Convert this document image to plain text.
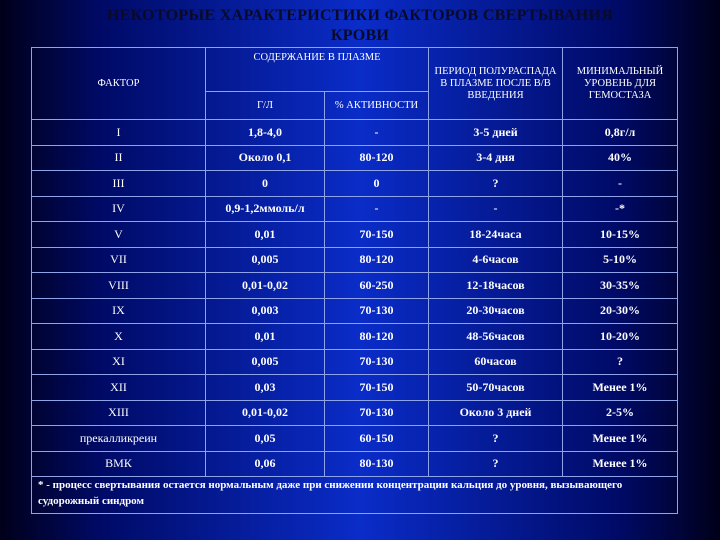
НЕКОТОРЫЕ ХАРАКТЕРИСТИКИ ФАКТОРОВ СВЕРТЫВАНИЯ
КРОВИ
ФАКТОР	СОДЕРЖАНИЕ В ПЛАЗМЕ		ПЕРИОД ПОЛУРАСПАДА В ПЛАЗМЕ ПОСЛЕ В/В ВВЕДЕНИЯ	МИНИМАЛЬНЫЙ УРОВЕНЬ ДЛЯ ГЕМОСТАЗА
	Г/Л	% АКТИВНОСТИ		
I	1,8-4,0	-	3-5 дней	0,8г/л
II	Около 0,1	80-120	3-4 дня	40%
III	0	0	?	-
IV	0,9-1,2ммоль/л	-	-	-*
V	0,01	70-150	18-24часа	10-15%
VII	0,005	80-120	4-6часов	5-10%
VIII	0,01-0,02	60-250	12-18часов	30-35%
IX	0,003	70-130	20-30часов	20-30%
X	0,01	80-120	48-56часов	10-20%
XI	0,005	70-130	60часов	?
XII	0,03	70-150	50-70часов	Менее 1%
XIII	0,01-0,02	70-130	Около 3 дней	2-5%
прекалликреин	0,05	60-150	?	Менее 1%
ВМК	0,06	80-130	?	Менее 1%
* - процесс свертывания остается нормальным даже при снижении концентрации кальция до уровня, вызывающего судорожный синдром				
